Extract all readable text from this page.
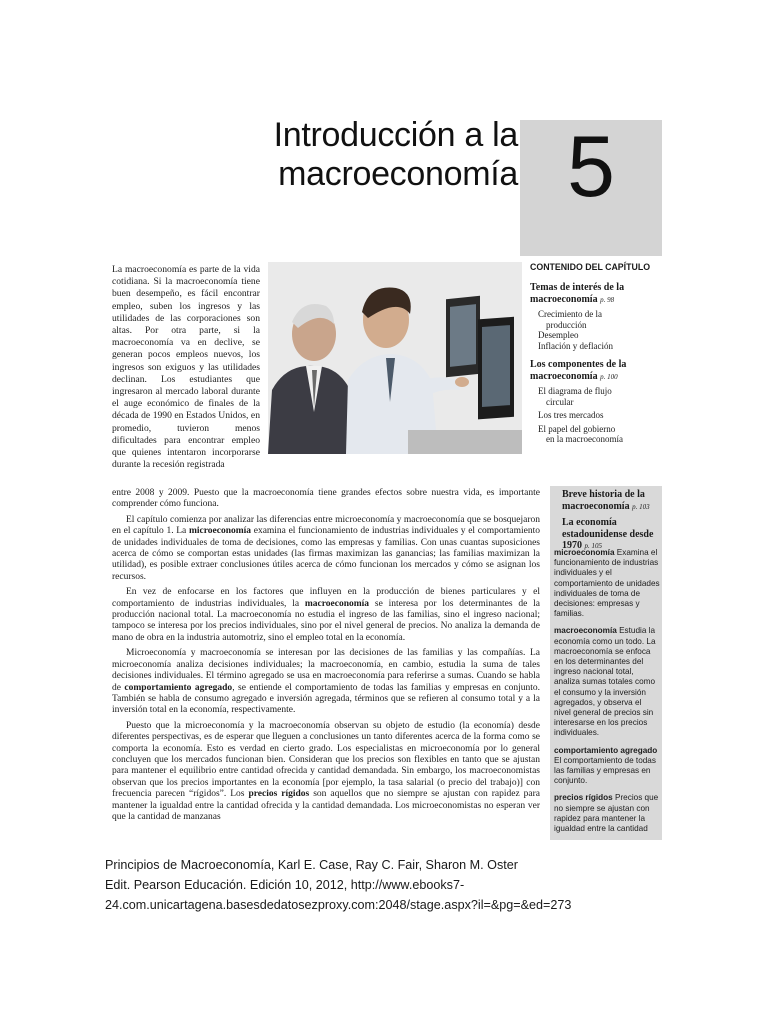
Introducción a la
macroeconomía 5
La macroeconomía es parte de la vida cotidiana. Si la macroeconomía tiene buen desempeño, es fácil encontrar empleo, suben los ingresos y las utilidades de las corporaciones son altas. Por otra parte, si la macroeconomía va en declive, se generan pocos empleos nuevos, los ingresos son exiguos y las utilidades declinan. Los estudiantes que ingresaron al mercado laboral durante el auge económico de finales de la década de 1990 en Estados Unidos, en promedio, tuvieron menos dificultades para encontrar empleo que quienes intentaron incorporarse durante la recesión registrada
CONTENIDO DEL CAPÍTULO
Temas de interés de la macroeconomía p. 98
Crecimiento de la
producción
Desempleo
Inflación y deflación
Los componentes de la macroeconomía p. 100
El diagrama de flujo
circular
Los tres mercados
El papel del gobierno
en la macroeconomía
Breve historia de la macroeconomía p. 103
La economía estadounidense desde 1970 p. 105
microeconomía Examina el funcionamiento de industrias individuales y el comportamiento de unidades individuales de toma de decisiones: empresas y familias.
macroeconomía Estudia la economía como un todo. La macroeconomía se enfoca en los determinantes del ingreso nacional total, analiza sumas totales como el consumo y la inversión agregados, y observa el nivel general de precios sin interesarse en los precios individuales.
comportamiento agregado
El comportamiento de todas las familias y empresas en conjunto.
precios rígidos Precios que no siempre se ajustan con rapidez para mantener la igualdad entre la cantidad

entre 2008 y 2009. Puesto que la macroeconomía tiene grandes efectos sobre nuestra vida, es importante comprender cómo funciona.

El capítulo comienza por analizar las diferencias entre microeconomía y macroeconomía que se bosquejaron en el capítulo 1. La microeconomía examina el funcionamiento de industrias individuales y el comportamiento de unidades individuales de toma de decisiones, como las empresas y familias. Con unas cuantas suposiciones acerca de cómo se comportan estas unidades (las firmas maximizan las ganancias; las familias maximizan la utilidad), es posible extraer conclusiones útiles acerca de cómo funcionan los mercados y cómo se asignan los recursos.

En vez de enfocarse en los factores que influyen en la producción de bienes particulares y el comportamiento de industrias individuales, la macroeconomía se interesa por los determinantes de la producción nacional total. La macroeconomía no estudia el ingreso de las familias, sino el ingreso nacional; tampoco se interesa por los precios individuales, sino por el nivel general de precios. No analiza la demanda de mano de obra en la industria automotriz, sino el empleo total en la economía.

Microeconomía y macroeconomía se interesan por las decisiones de las familias y las compañías. La microeconomía analiza decisiones individuales; la macroeconomía, en cambio, estudia la suma de tales decisiones individuales. El término agregado se usa en macroeconomía para referirse a sumas. Cuando se habla de comportamiento agregado, se entiende el comportamiento de todas las familias y empresas en conjunto. También se habla de consumo agregado e inversión agregada, términos que se refieren al consumo total y a la inversión total en la economía, respectivamente.

Puesto que la microeconomía y la macroeconomía observan su objeto de estudio (la economía) desde diferentes perspectivas, es de esperar que lleguen a conclusiones un tanto diferentes acerca de la forma como se comporta la economía. Esto es verdad en cierto grado. Los especialistas en microeconomía por lo general concluyen que los mercados funcionan bien. Consideran que los precios son flexibles en tanto que se ajustan para mantener el equilibrio entre cantidad ofrecida y cantidad demandada. Sin embargo, los macroeconomistas observan que los precios importantes en la economía [por ejemplo, la tasa salarial (o precio del trabajo)] con frecuencia parecen “rígidos”. Los precios rígidos son aquellos que no siempre se ajustan con rapidez para mantener la igualdad entre la cantidad ofrecida y la cantidad demandada. Los microeconomistas no esperan ver que la cantidad de manzanas

Principios de Macroeconomía, Karl E. Case, Ray C. Fair, Sharon M. Oster
Edit. Pearson Educación. Edición 10, 2012, http://www.ebooks7-
24.com.unicartagena.basesdedatosezproxy.com:2048/stage.aspx?il=&pg=&ed=273
